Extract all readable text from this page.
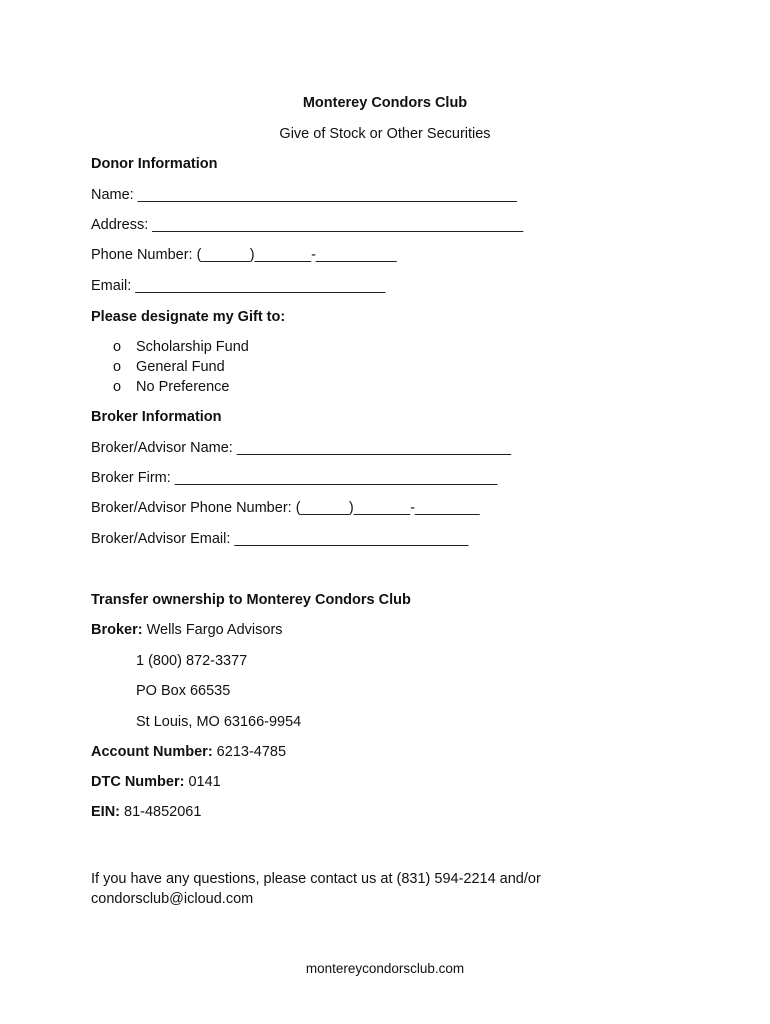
Monterey Condors Club
Give of Stock or Other Securities
Donor Information
Name: _______________________________________________
Address: ______________________________________________
Phone Number: (______)_______-__________
Email: _______________________________
Please designate my Gift to:
o Scholarship Fund
o General Fund
o No Preference
Broker Information
Broker/Advisor Name: __________________________________
Broker Firm: ________________________________________
Broker/Advisor Phone Number: (______)_______-________
Broker/Advisor Email: _____________________________
Transfer ownership to Monterey Condors Club
Broker: Wells Fargo Advisors
1 (800) 872-3377
PO Box 66535
St Louis, MO 63166-9954
Account Number: 6213-4785
DTC Number: 0141
EIN: 81-4852061
If you have any questions, please contact us at (831) 594-2214 and/or condorsclub@icloud.com
montereycondorsclub.com
